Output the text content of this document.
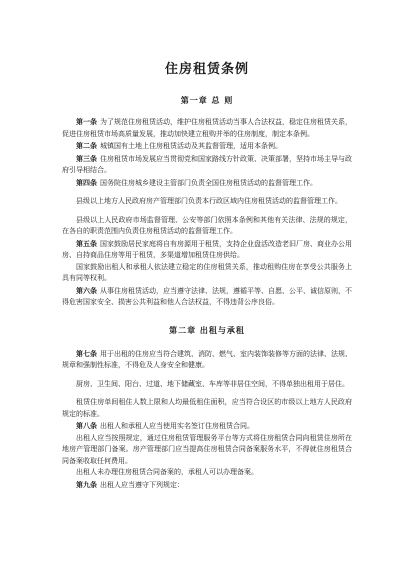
住房租赁条例
第一章 总 则

第一条 为了规范住房租赁活动，维护住房租赁活动当事人合法权益，稳定住房租赁关系，促进住房租赁市场高质量发展，推动加快建立租购并举的住房制度，制定本条例。

第二条 城镇国有土地上住房租赁活动及其监督管理，适用本条例。

第三条 住房租赁市场发展应当贯彻党和国家路线方针政策、决策部署，坚持市场主导与政府引导相结合。

第四条 国务院住房城乡建设主管部门负责全国住房租赁活动的监督管理工作。

县级以上地方人民政府房产管理部门负责本行政区域内住房租赁活动的监督管理工作。

县级以上人民政府市场监督管理、公安等部门依照本条例和其他有关法律、法规的规定，在各自的职责范围内负责住房租赁活动的监督管理工作。

第五条 国家鼓励居民家庭将自有房源用于租赁，支持企业盘活改造老旧厂房、商业办公用房、自持商品住房等用于租赁，多渠道增加租赁住房供给。

国家鼓励出租人和承租人依法建立稳定的住房租赁关系，推动租购住房在享受公共服务上具有同等权利。

第六条 从事住房租赁活动，应当遵守法律、法规，遵循平等、自愿、公平、诚信原则，不得危害国家安全、损害公共利益和他人合法权益，不得违背公序良俗。

第二章 出租与承租

第七条 用于出租的住房应当符合建筑、消防、燃气、室内装饰装修等方面的法律、法规、规章和强制性标准，不得危及人身安全和健康。

厨房、卫生间、阳台、过道、地下储藏室、车库等非居住空间，不得单独出租用于居住。

租赁住房单间租住人数上限和人均最低租住面积，应当符合设区的市级以上地方人民政府规定的标准。

第八条 出租人和承租人应当使用实名签订住房租赁合同。

出租人应当按照规定，通过住房租赁管理服务平台等方式将住房租赁合同向租赁住房所在地房产管理部门备案。房产管理部门应当提高住房租赁合同备案服务水平，不得就住房租赁合同备案收取任何费用。

出租人未办理住房租赁合同备案的，承租人可以办理备案。

第九条 出租人应当遵守下列规定：
